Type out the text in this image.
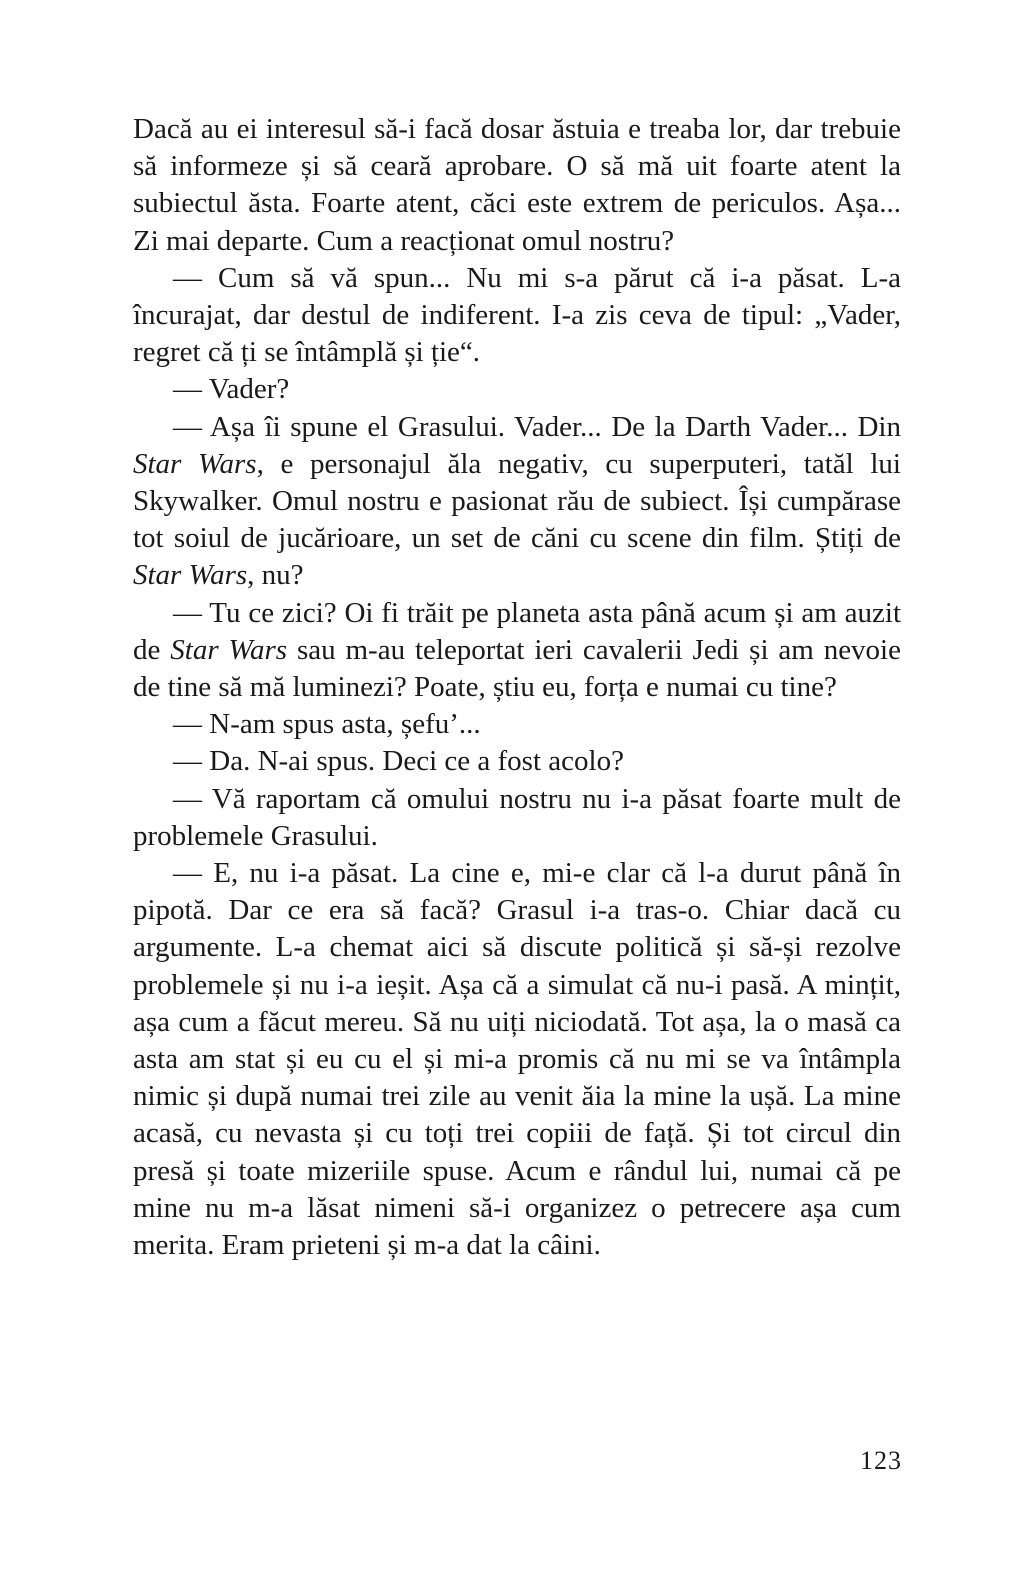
Dacă au ei interesul să-i facă dosar ăstuia e treaba lor, dar trebuie să informeze și să ceară aprobare. O să mă uit foarte atent la subiectul ăsta. Foarte atent, căci este extrem de periculos. Așa... Zi mai departe. Cum a reacționat omul nostru?

— Cum să vă spun... Nu mi s-a părut că i-a păsat. L-a încurajat, dar destul de indiferent. I-a zis ceva de tipul: „Vader, regret că ți se întâmplă și ție“.

— Vader?

— Așa îi spune el Grasului. Vader... De la Darth Vader... Din Star Wars, e personajul ăla negativ, cu superputeri, tatăl lui Skywalker. Omul nostru e pasionat rău de subiect. Își cumpărase tot soiul de jucărioare, un set de căni cu scene din film. Știți de Star Wars, nu?

— Tu ce zici? Oi fi trăit pe planeta asta până acum și am auzit de Star Wars sau m-au teleportat ieri cavalerii Jedi și am nevoie de tine să mă luminezi? Poate, știu eu, forța e numai cu tine?

— N-am spus asta, șefu’...

— Da. N-ai spus. Deci ce a fost acolo?

— Vă raportam că omului nostru nu i-a păsat foarte mult de problemele Grasului.

— E, nu i-a păsat. La cine e, mi-e clar că l-a durut până în pipotă. Dar ce era să facă? Grasul i-a tras-o. Chiar dacă cu argumente. L-a chemat aici să discute politică și să-și rezolve problemele și nu i-a ieșit. Așa că a simulat că nu-i pasă. A mințit, așa cum a făcut mereu. Să nu uiți niciodată. Tot așa, la o masă ca asta am stat și eu cu el și mi-a promis că nu mi se va întâmpla nimic și după numai trei zile au venit ăia la mine la ușă. La mine acasă, cu nevasta și cu toți trei copiii de față. Și tot circul din presă și toate mizeriile spuse. Acum e rândul lui, numai că pe mine nu m-a lăsat nimeni să-i organizez o petrecere așa cum merita. Eram prieteni și m-a dat la câini.

123
